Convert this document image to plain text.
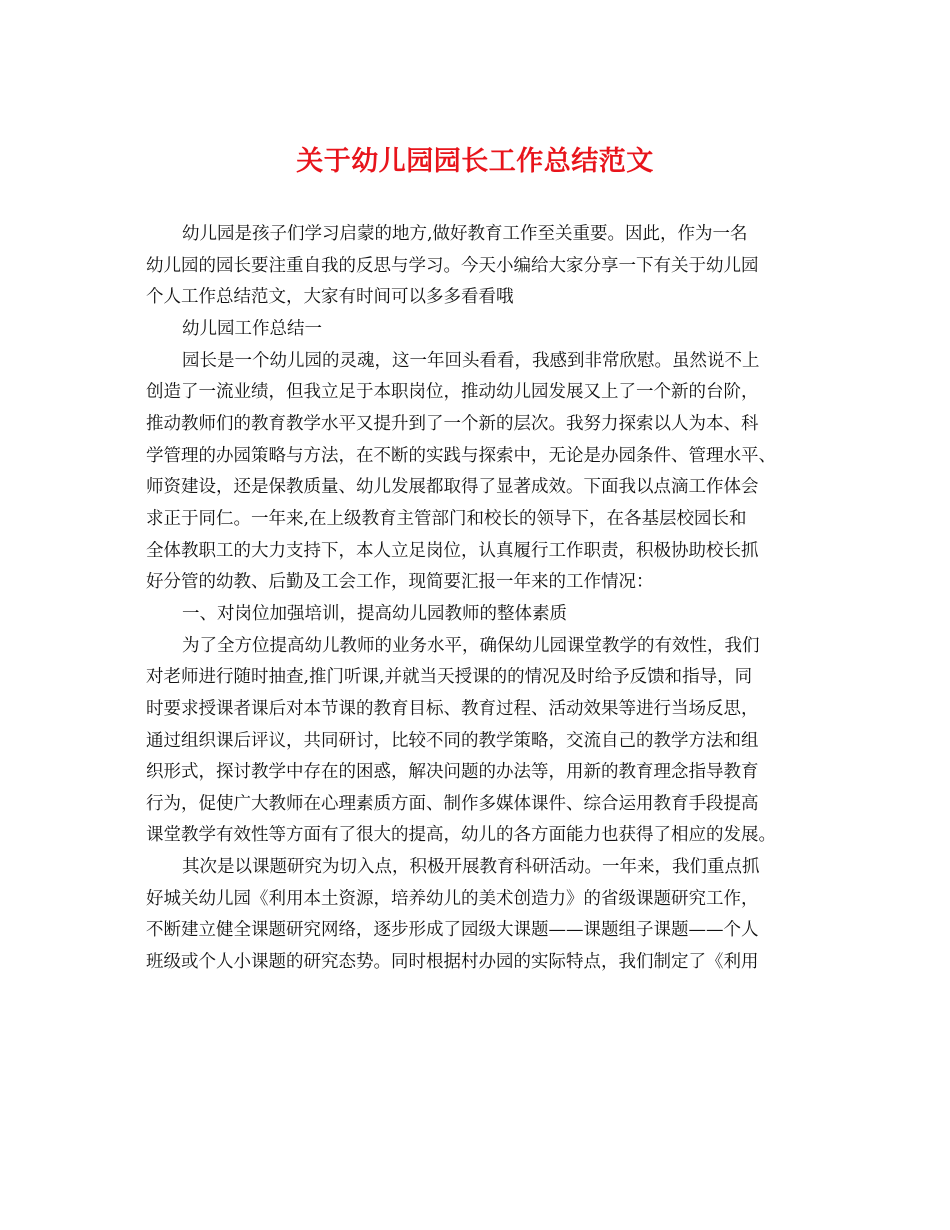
关于幼儿园园长工作总结范文
幼儿园是孩子们学习启蒙的地方,做好教育工作至关重要。因此，作为一名
幼儿园的园长要注重自我的反思与学习。今天小编给大家分享一下有关于幼儿园
个人工作总结范文，大家有时间可以多多看看哦
幼儿园工作总结一
园长是一个幼儿园的灵魂，这一年回头看看，我感到非常欣慰。虽然说不上
创造了一流业绩，但我立足于本职岗位，推动幼儿园发展又上了一个新的台阶，
推动教师们的教育教学水平又提升到了一个新的层次。我努力探索以人为本、科
学管理的办园策略与方法，在不断的实践与探索中，无论是办园条件、管理水平、
师资建设，还是保教质量、幼儿发展都取得了显著成效。下面我以点滴工作体会
求正于同仁。一年来,在上级教育主管部门和校长的领导下，在各基层校园长和
全体教职工的大力支持下，本人立足岗位，认真履行工作职责，积极协助校长抓
好分管的幼教、后勤及工会工作，现简要汇报一年来的工作情况：
一、对岗位加强培训，提高幼儿园教师的整体素质
为了全方位提高幼儿教师的业务水平，确保幼儿园课堂教学的有效性，我们
对老师进行随时抽查,推门听课,并就当天授课的的情况及时给予反馈和指导，同
时要求授课者课后对本节课的教育目标、教育过程、活动效果等进行当场反思，
通过组织课后评议，共同研讨，比较不同的教学策略，交流自己的教学方法和组
织形式，探讨教学中存在的困惑，解决问题的办法等，用新的教育理念指导教育
行为，促使广大教师在心理素质方面、制作多媒体课件、综合运用教育手段提高
课堂教学有效性等方面有了很大的提高，幼儿的各方面能力也获得了相应的发展。
其次是以课题研究为切入点，积极开展教育科研活动。一年来，我们重点抓
好城关幼儿园《利用本土资源，培养幼儿的美术创造力》的省级课题研究工作，
不断建立健全课题研究网络，逐步形成了园级大课题——课题组子课题——个人
班级或个人小课题的研究态势。同时根据村办园的实际特点，我们制定了《利用
